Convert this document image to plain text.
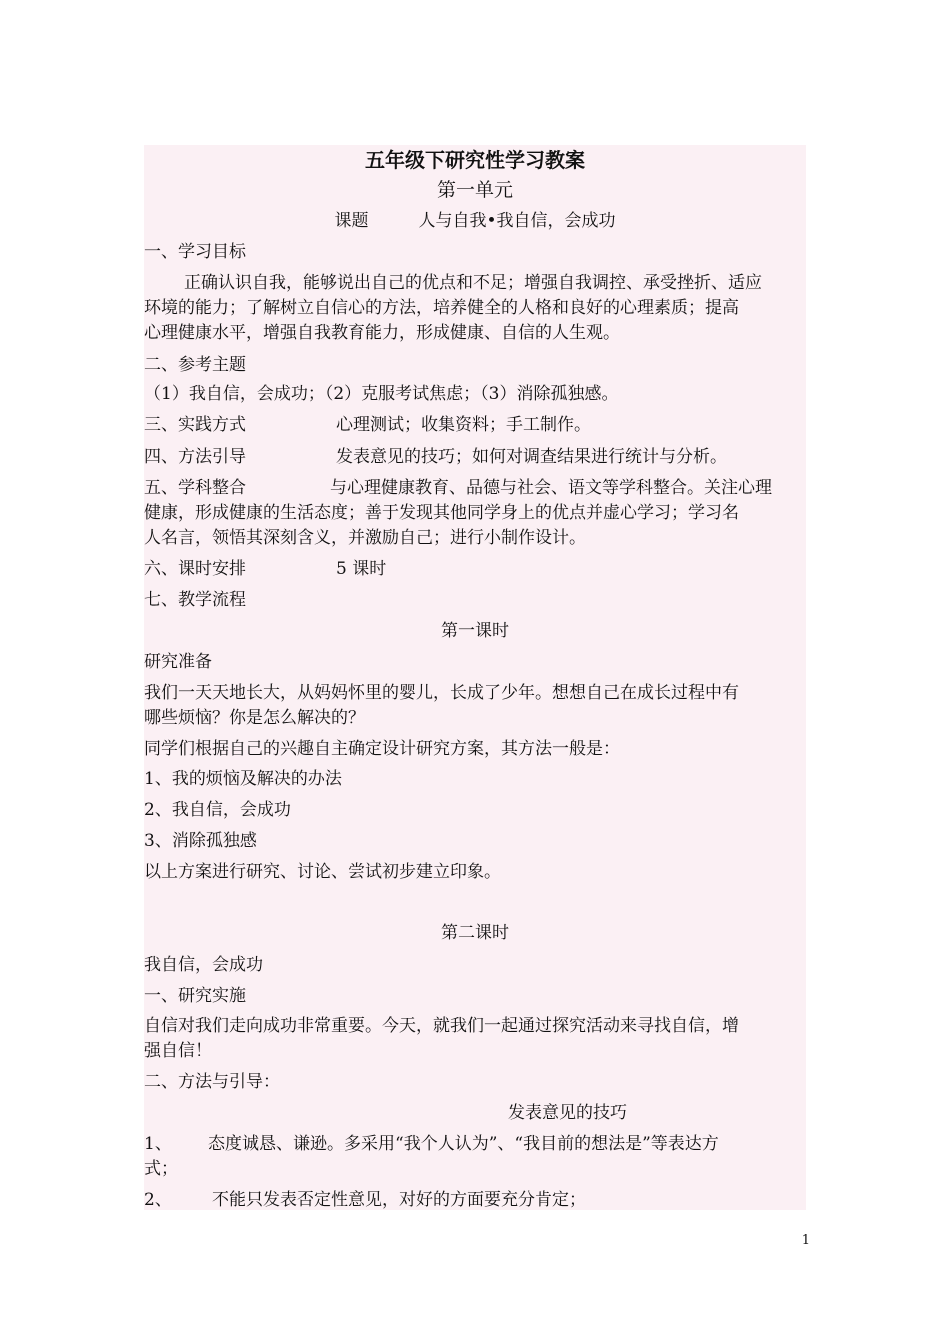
五年级下研究性学习教案
第一单元
课题	人与自我•我自信，会成功
一、学习目标
正确认识自我，能够说出自己的优点和不足；增强自我调控、承受挫折、适应
环境的能力；了解树立自信心的方法，培养健全的人格和良好的心理素质；提高
心理健康水平，增强自我教育能力，形成健康、自信的人生观。
二、参考主题
（1）我自信，会成功；（2）克服考试焦虑；（3）消除孤独感。
三、实践方式	心理测试；收集资料；手工制作。
四、方法引导	发表意见的技巧；如何对调查结果进行统计与分析。
五、学科整合	与心理健康教育、品德与社会、语文等学科整合。关注心理
健康，形成健康的生活态度；善于发现其他同学身上的优点并虚心学习；学习名
人名言，领悟其深刻含义，并激励自己；进行小制作设计。
六、课时安排	5 课时
七、教学流程
第一课时
研究准备
我们一天天地长大，从妈妈怀里的婴儿，长成了少年。想想自己在成长过程中有
哪些烦恼？你是怎么解决的？
同学们根据自己的兴趣自主确定设计研究方案，其方法一般是：
1、我的烦恼及解决的办法
2、我自信，会成功
3、消除孤独感
以上方案进行研究、讨论、尝试初步建立印象。
第二课时
我自信，会成功
一、研究实施
自信对我们走向成功非常重要。今天，就我们一起通过探究活动来寻找自信，增
强自信！
二、方法与引导：
发表意见的技巧
1、 态度诚恳、谦逊。多采用“我个人认为”、“我目前的想法是”等表达方
式；
2、 不能只发表否定性意见，对好的方面要充分肯定；
1
